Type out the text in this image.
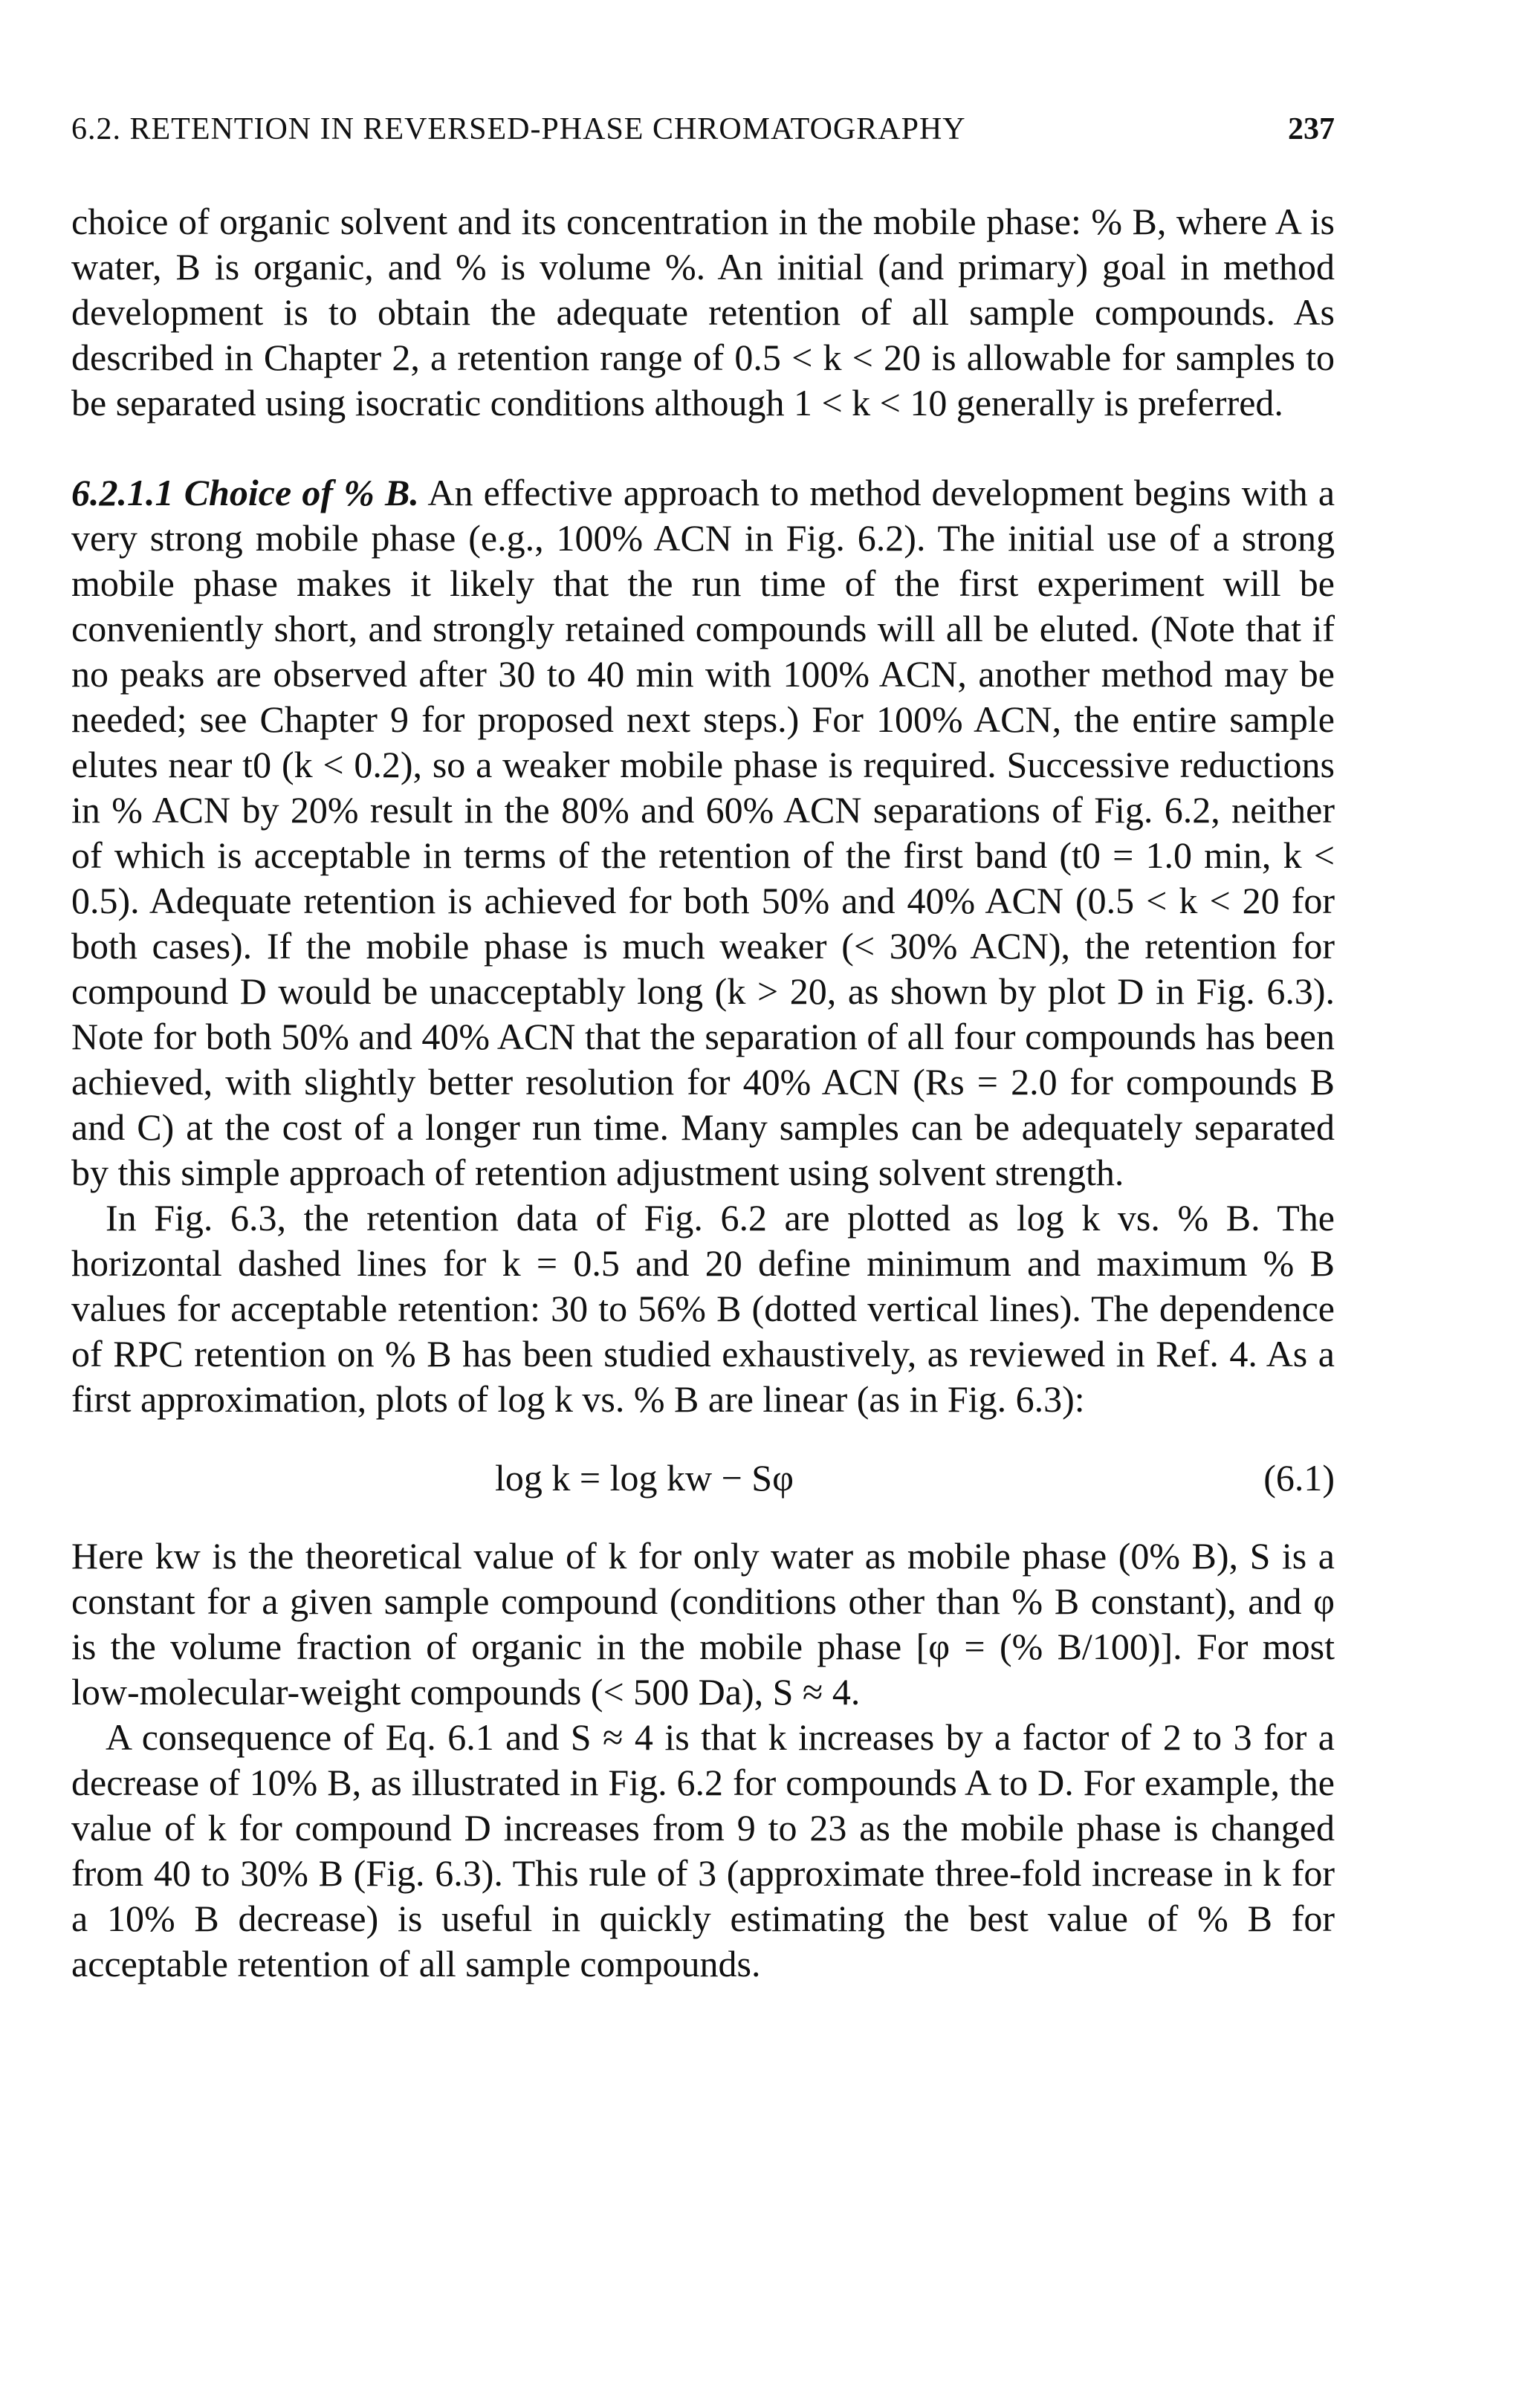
6.2. RETENTION IN REVERSED-PHASE CHROMATOGRAPHY	237

choice of organic solvent and its concentration in the mobile phase: % B, where A is water, B is organic, and % is volume %. An initial (and primary) goal in method development is to obtain the adequate retention of all sample compounds. As described in Chapter 2, a retention range of 0.5 < k < 20 is allowable for samples to be separated using isocratic conditions although 1 < k < 10 generally is preferred.

6.2.1.1 Choice of % B. An effective approach to method development begins with a very strong mobile phase (e.g., 100% ACN in Fig. 6.2). The initial use of a strong mobile phase makes it likely that the run time of the first experiment will be conveniently short, and strongly retained compounds will all be eluted. (Note that if no peaks are observed after 30 to 40 min with 100% ACN, another method may be needed; see Chapter 9 for proposed next steps.) For 100% ACN, the entire sample elutes near t0 (k < 0.2), so a weaker mobile phase is required. Successive reductions in % ACN by 20% result in the 80% and 60% ACN separations of Fig. 6.2, neither of which is acceptable in terms of the retention of the first band (t0 = 1.0 min, k < 0.5). Adequate retention is achieved for both 50% and 40% ACN (0.5 < k < 20 for both cases). If the mobile phase is much weaker (< 30% ACN), the retention for compound D would be unacceptably long (k > 20, as shown by plot D in Fig. 6.3). Note for both 50% and 40% ACN that the separation of all four compounds has been achieved, with slightly better resolution for 40% ACN (Rs = 2.0 for compounds B and C) at the cost of a longer run time. Many samples can be adequately separated by this simple approach of retention adjustment using solvent strength.

In Fig. 6.3, the retention data of Fig. 6.2 are plotted as log k vs. % B. The horizontal dashed lines for k = 0.5 and 20 define minimum and maximum % B values for acceptable retention: 30 to 56% B (dotted vertical lines). The dependence of RPC retention on % B has been studied exhaustively, as reviewed in Ref. 4. As a first approximation, plots of log k vs. % B are linear (as in Fig. 6.3):

log k = log kw − Sφ	(6.1)

Here kw is the theoretical value of k for only water as mobile phase (0% B), S is a constant for a given sample compound (conditions other than % B constant), and φ is the volume fraction of organic in the mobile phase [φ = (% B/100)]. For most low-molecular-weight compounds (< 500 Da), S ≈ 4.

A consequence of Eq. 6.1 and S ≈ 4 is that k increases by a factor of 2 to 3 for a decrease of 10% B, as illustrated in Fig. 6.2 for compounds A to D. For example, the value of k for compound D increases from 9 to 23 as the mobile phase is changed from 40 to 30% B (Fig. 6.3). This rule of 3 (approximate three-fold increase in k for a 10% B decrease) is useful in quickly estimating the best value of % B for acceptable retention of all sample compounds.
